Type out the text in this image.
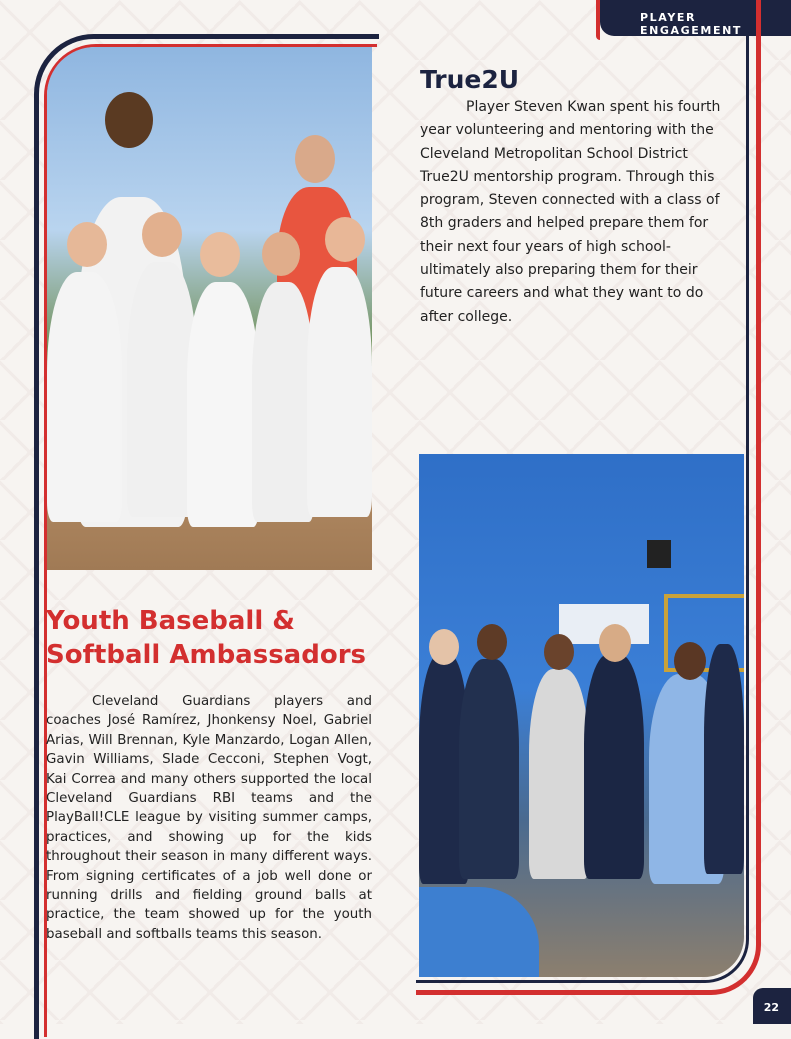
PLAYER ENGAGEMENT
True2U

Player Steven Kwan spent his fourth year volunteering and mentoring with the Cleveland Metropolitan School District True2U mentorship program. Through this program, Steven connected with a class of 8th graders and helped prepare them for their next four years of high school- ultimately also preparing them for their future careers and what they want to do after college.

Youth Baseball & Softball Ambassadors

Cleveland Guardians players and coaches José Ramírez, Jhonkensy Noel, Gabriel Arias, Will Brennan, Kyle Manzardo, Logan Allen, Gavin Williams, Slade Cecconi, Stephen Vogt, Kai Correa and many others supported the local Cleveland Guardians RBI teams and the PlayBall!CLE league by visiting summer camps, practices, and showing up for the kids throughout their season in many different ways. From signing certificates of a job well done or running drills and fielding ground balls at practice, the team showed up for the youth baseball and softballs teams this season.

22
